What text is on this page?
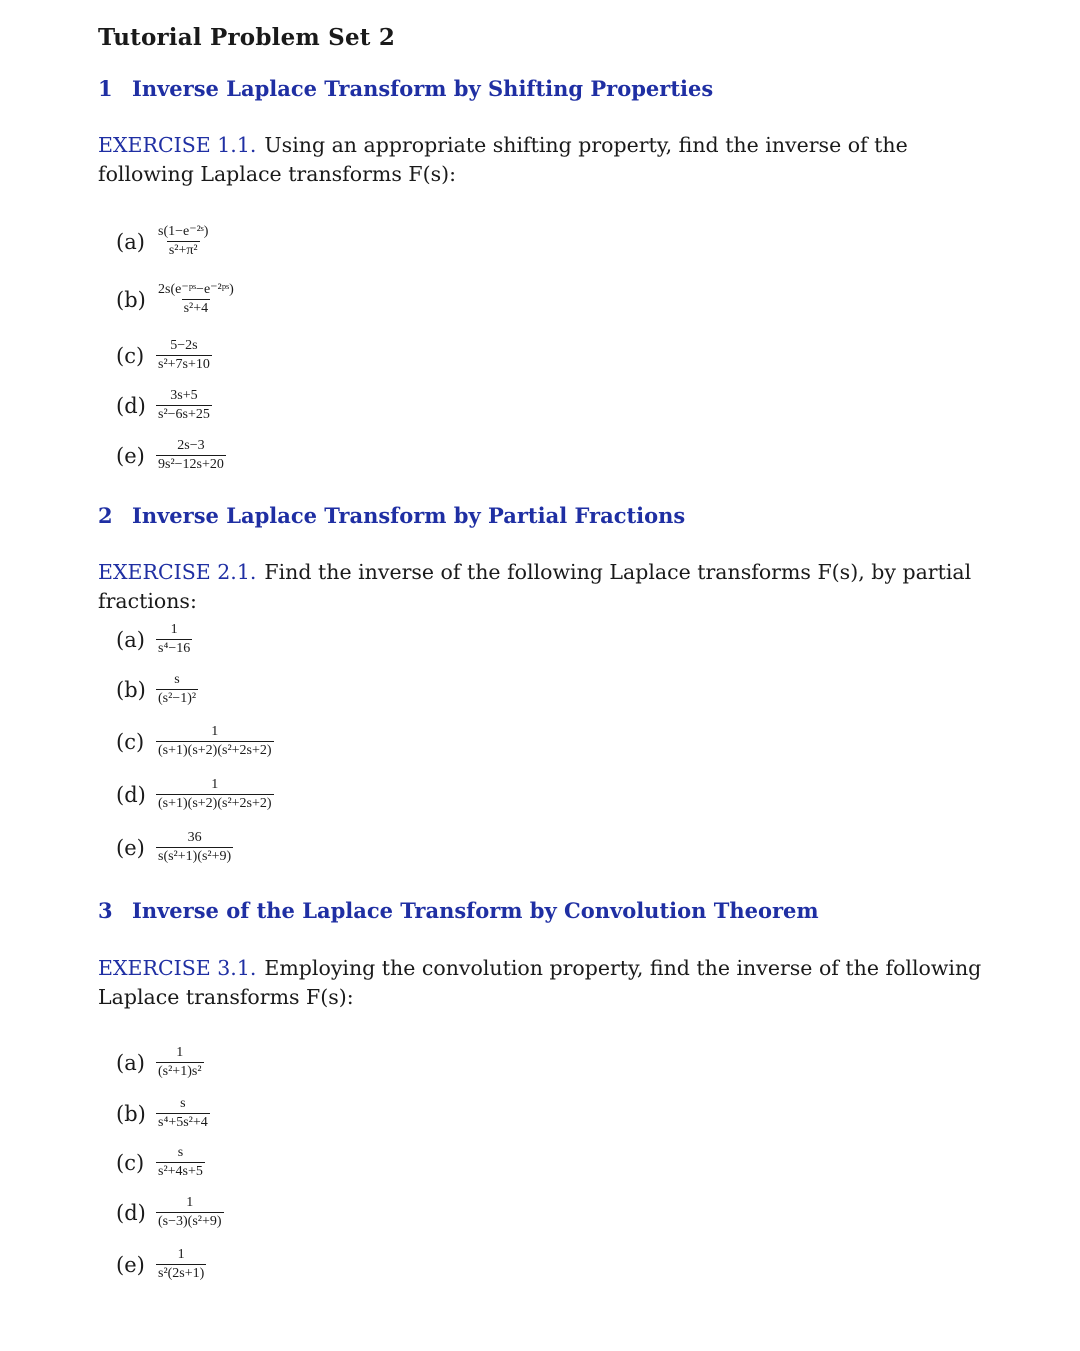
Tutorial Problem Set 2
1 Inverse Laplace Transform by Shifting Properties
EXERCISE 1.1. Using an appropriate shifting property, find the inverse of the following Laplace transforms F(s):
$(a) \frac{\text{s(1−e⁻²ˢ)}}{\text{s²+π²}}$
$(b) \frac{\text{2s(e⁻ᵖˢ−e⁻²ᵖˢ)}}{\text{s²+4}}$
$(c) \frac{5-2s}{\text{s²+7s+10}}$
$(d) \frac{3s+5}{\text{s²−6s+25}}$
$(e) \frac{2s-3}{\text{9s²−12s+20}}$
2 Inverse Laplace Transform by Partial Fractions
EXERCISE 2.1. Find the inverse of the following Laplace transforms F(s), by partial fractions:
$(a) \frac{1}{\text{s⁴−16}}$
$(b) \frac{s}{\text{(s²−1)²}}$
$(c) \frac{1}{\text{(s+1)(s+2)(s²+2s+2)}}$
$(d) \frac{1}{\text{(s+1)(s+2)(s²+2s+2)}}$
$(e) \frac{36}{\text{s(s²+1)(s²+9)}}$
3 Inverse of the Laplace Transform by Convolution Theorem
EXERCISE 3.1. Employing the convolution property, find the inverse of the following Laplace transforms F(s):
$(a) \frac{1}{\text{(s²+1)s²}}$
$(b) \frac{s}{\text{s⁴+5s²+4}}$
$(c) \frac{s}{\text{s²+4s+5}}$
$(d) \frac{1}{\text{(s−3)(s²+9)}}$
$(e) \frac{1}{\text{s²(2s+1)}}$
